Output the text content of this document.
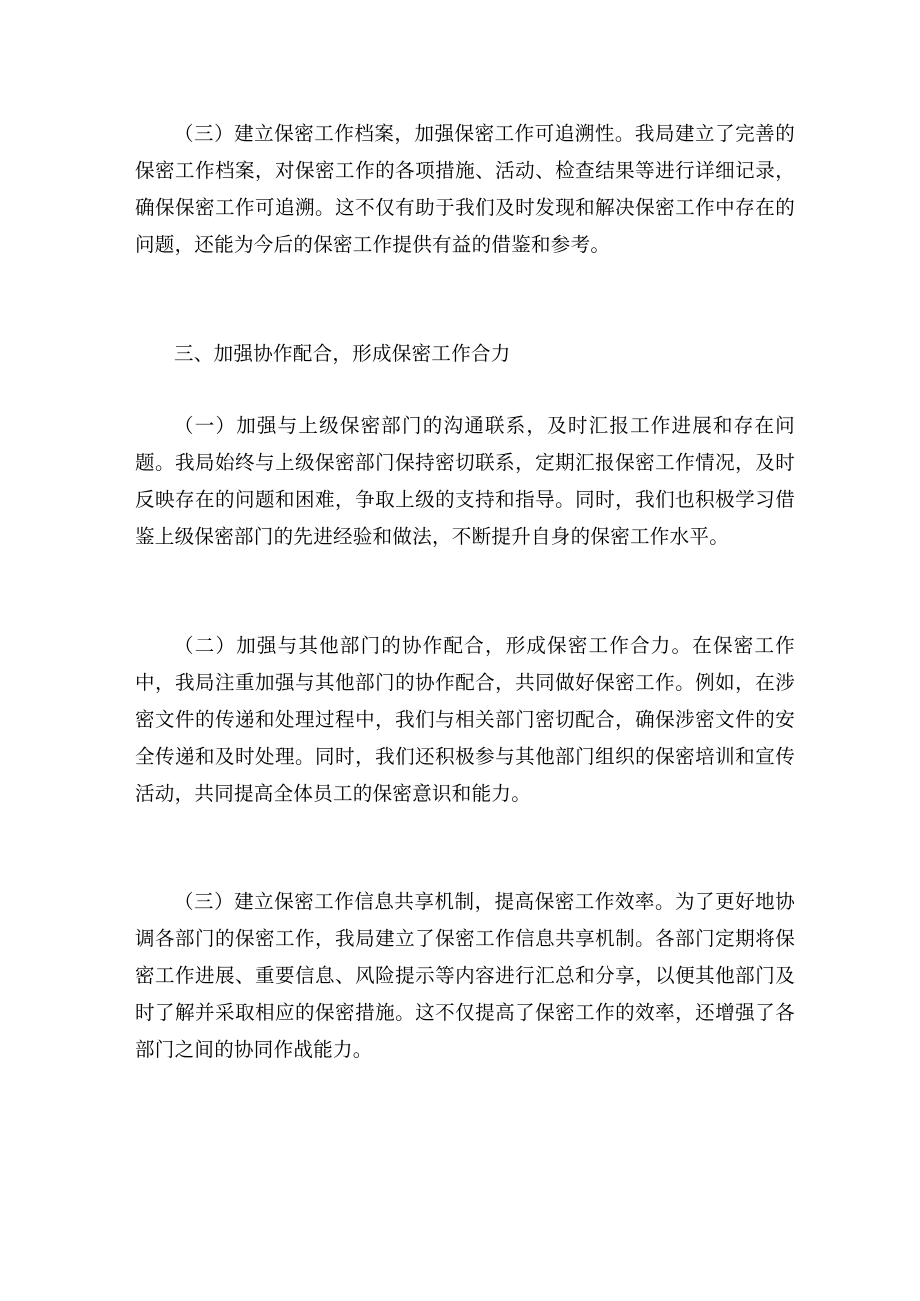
（三）建立保密工作档案，加强保密工作可追溯性。我局建立了完善的保密工作档案，对保密工作的各项措施、活动、检查结果等进行详细记录，确保保密工作可追溯。这不仅有助于我们及时发现和解决保密工作中存在的问题，还能为今后的保密工作提供有益的借鉴和参考。

三、加强协作配合，形成保密工作合力

（一）加强与上级保密部门的沟通联系，及时汇报工作进展和存在问题。我局始终与上级保密部门保持密切联系，定期汇报保密工作情况，及时反映存在的问题和困难，争取上级的支持和指导。同时，我们也积极学习借鉴上级保密部门的先进经验和做法，不断提升自身的保密工作水平。

（二）加强与其他部门的协作配合，形成保密工作合力。在保密工作中，我局注重加强与其他部门的协作配合，共同做好保密工作。例如，在涉密文件的传递和处理过程中，我们与相关部门密切配合，确保涉密文件的安全传递和及时处理。同时，我们还积极参与其他部门组织的保密培训和宣传活动，共同提高全体员工的保密意识和能力。

（三）建立保密工作信息共享机制，提高保密工作效率。为了更好地协调各部门的保密工作，我局建立了保密工作信息共享机制。各部门定期将保密工作进展、重要信息、风险提示等内容进行汇总和分享，以便其他部门及时了解并采取相应的保密措施。这不仅提高了保密工作的效率，还增强了各部门之间的协同作战能力。
